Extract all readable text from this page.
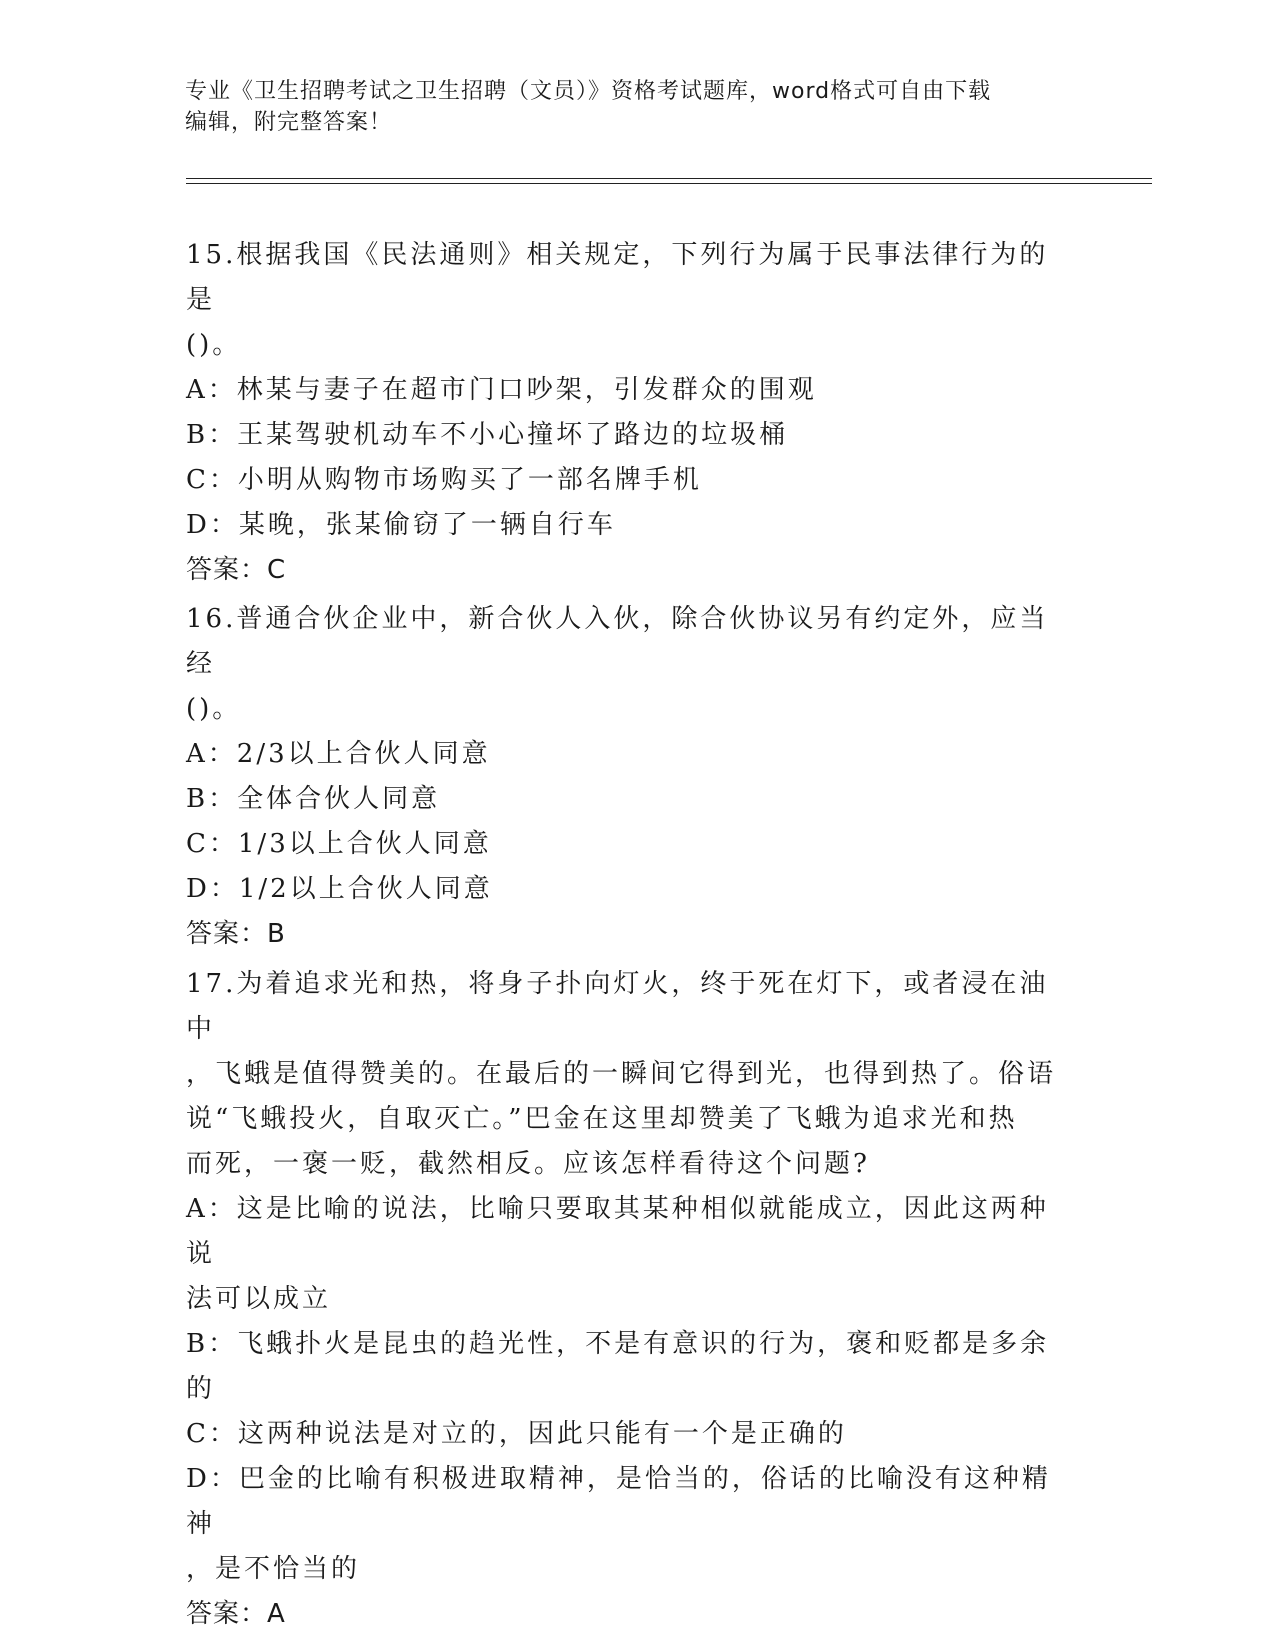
专业《卫生招聘考试之卫生招聘（文员）》资格考试题库，word格式可自由下载
编辑，附完整答案！

15.根据我国《民法通则》相关规定，下列行为属于民事法律行为的是

()。

A：林某与妻子在超市门口吵架，引发群众的围观

B：王某驾驶机动车不小心撞坏了路边的垃圾桶

C：小明从购物市场购买了一部名牌手机

D：某晚，张某偷窃了一辆自行车

答案：C

16.普通合伙企业中，新合伙人入伙，除合伙协议另有约定外，应当经

()。

A：2/3以上合伙人同意

B：全体合伙人同意

C：1/3以上合伙人同意

D：1/2以上合伙人同意

答案：B

17.为着追求光和热，将身子扑向灯火，终于死在灯下，或者浸在油中

，飞蛾是值得赞美的。在最后的一瞬间它得到光，也得到热了。俗语

说“飞蛾投火，自取灭亡。”巴金在这里却赞美了飞蛾为追求光和热

而死，一褒一贬，截然相反。应该怎样看待这个问题?

A：这是比喻的说法，比喻只要取其某种相似就能成立，因此这两种说

法可以成立

B：飞蛾扑火是昆虫的趋光性，不是有意识的行为，褒和贬都是多余的

C：这两种说法是对立的，因此只能有一个是正确的

D：巴金的比喻有积极进取精神，是恰当的，俗话的比喻没有这种精神

，是不恰当的

答案：A
